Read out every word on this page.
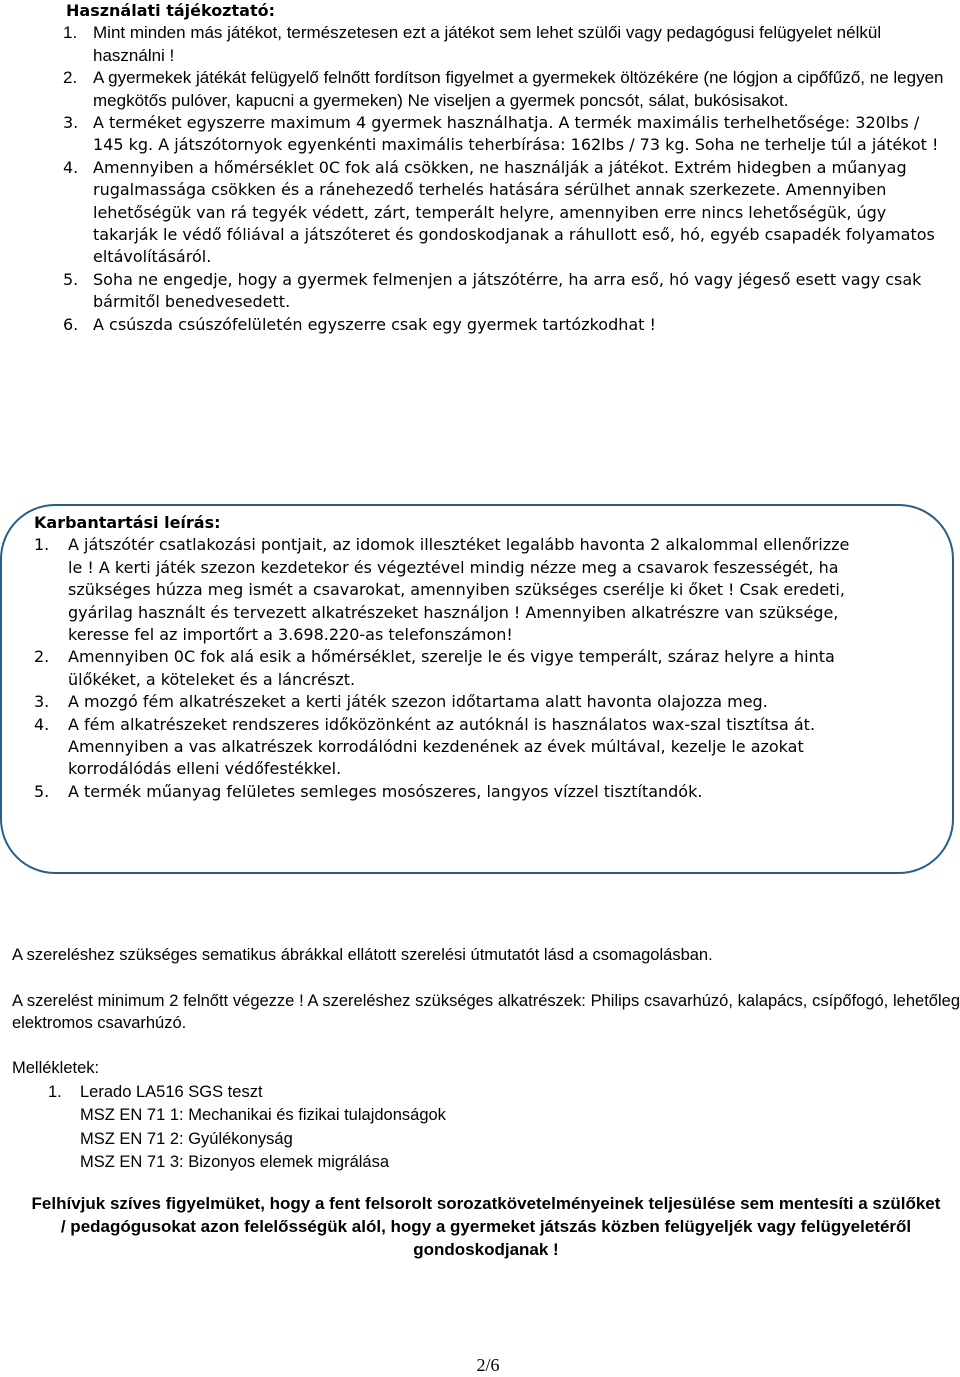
Használati tájékoztató:
1. Mint minden más játékot, természetesen ezt a játékot sem lehet szülői vagy pedagógusi felügyelet nélkül használni !
2. A gyermekek játékát felügyelő felnőtt fordítson figyelmet a gyermekek öltözékére (ne lógjon a cipőfűző, ne legyen megkötős pulóver, kapucni a gyermeken) Ne viseljen a gyermek poncsót, sálat, bukósisakot.
3. A terméket egyszerre maximum 4 gyermek használhatja. A termék maximális terhelhetősége: 320lbs / 145 kg. A játszótornyok egyenkénti maximális teherbírása: 162lbs / 73 kg. Soha ne terhelje túl a játékot !
4. Amennyiben a hőmérséklet 0C fok alá csökken, ne használják a játékot. Extrém hidegben a műanyag rugalmassága csökken és a ránehezedő terhelés hatására sérülhet annak szerkezete. Amennyiben lehetőségük van rá tegyék védett, zárt, temperált helyre, amennyiben erre nincs lehetőségük, úgy takarják le védő fóliával a játszóteret és gondoskodjanak a ráhullott eső, hó, egyéb csapadék folyamatos eltávolításáról.
5. Soha ne engedje, hogy a gyermek felmenjen a játszótérre, ha arra eső, hó vagy jégeső esett vagy csak bármitől benedvesedett.
6. A csúszda csúszófelületén egyszerre csak egy gyermek tartózkodhat !
Karbantartási leírás:
1.	A játszótér csatlakozási pontjait, az idomok illesztéket legalább havonta 2 alkalommal ellenőrizze le ! A kerti játék szezon kezdetekor és végeztével mindig nézze meg a csavarok feszességét, ha szükséges húzza meg ismét a csavarokat, amennyiben szükséges cserélje ki őket ! Csak eredeti, gyárilag használt és tervezett alkatrészeket használjon ! Amennyiben alkatrészre van szüksége, keresse fel az importőrt a 3.698.220-as telefonszámon!
2.	Amennyiben 0C fok alá esik a hőmérséklet, szerelje le és vigye temperált, száraz helyre a hinta ülőkéket, a köteleket és a láncrészt.
3.	A mozgó fém alkatrészeket a kerti játék szezon időtartama alatt havonta olajozza meg.
4.	A fém alkatrészeket rendszeres időközönként az autóknál is használatos wax-szal tisztítsa át. Amennyiben a vas alkatrészek korrodálódni kezdenének az évek múltával, kezelje le azokat korrodálódás elleni védőfestékkel.
5.	A termék műanyag felületes semleges mosószeres, langyos vízzel tisztítandók.

A szereléshez szükséges sematikus ábrákkal ellátott szerelési útmutatót lásd a csomagolásban.

A szerelést minimum 2 felnőtt végezze ! A szereléshez szükséges alkatrészek: Philips csavarhúzó, kalapács, csípőfogó, lehetőleg elektromos csavarhúzó.

Mellékletek:
1.	Lerado LA516 SGS teszt

MSZ EN 71 1: Mechanikai és fizikai tulajdonságok

MSZ EN 71 2: Gyúlékonyság

MSZ EN 71 3: Bizonyos elemek migrálása

Felhívjuk szíves figyelmüket, hogy a fent felsorolt sorozatkövetelményeinek teljesülése sem mentesíti a szülőket / pedagógusokat azon felelősségük alól, hogy a gyermeket játszás közben felügyeljék vagy felügyeletéről gondoskodjanak !

2/6
